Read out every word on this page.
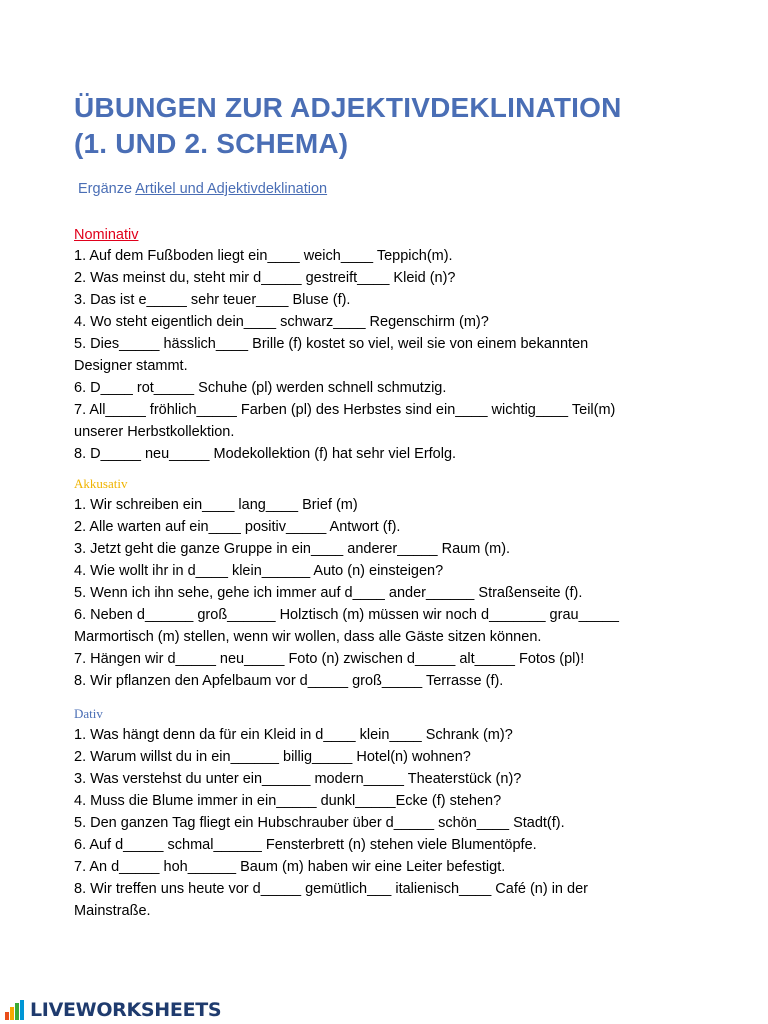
ÜBUNGEN ZUR ADJEKTIVDEKLINATION
(1. UND 2. SCHEMA)
Ergänze Artikel und Adjektivdeklination
Nominativ
1. Auf dem Fußboden liegt ein____ weich____ Teppich(m).
2. Was meinst du, steht mir d_____ gestreift____ Kleid (n)?
3. Das ist e_____ sehr teuer____ Bluse (f).
4. Wo steht eigentlich dein____ schwarz____ Regenschirm (m)?
5. Dies_____ hässlich____ Brille (f) kostet so viel, weil sie von einem bekannten
Designer stammt.
6. D____ rot_____ Schuhe (pl) werden schnell schmutzig.
7. All_____ fröhlich_____ Farben (pl) des Herbstes sind ein____ wichtig____ Teil(m)
unserer Herbstkollektion.
8. D_____ neu_____ Modekollektion (f) hat sehr viel Erfolg.
Akkusativ
1. Wir schreiben ein____ lang____ Brief (m)
2. Alle warten auf ein____ positiv_____ Antwort (f).
3. Jetzt geht die ganze Gruppe in ein____ anderer_____ Raum (m).
4. Wie wollt ihr in d____ klein______ Auto (n) einsteigen?
5. Wenn ich ihn sehe, gehe ich immer auf d____ ander______ Straßenseite (f).
6. Neben d______ groß______ Holztisch (m) müssen wir noch d_______ grau_____
Marmortisch (m) stellen, wenn wir wollen, dass alle Gäste sitzen können.
7. Hängen wir d_____ neu_____ Foto (n) zwischen d_____ alt_____ Fotos (pl)!
8. Wir pflanzen den Apfelbaum vor d_____ groß_____ Terrasse (f).
Dativ
1. Was hängt denn da für ein Kleid in d____ klein____ Schrank (m)?
2. Warum willst du in ein______ billig_____ Hotel(n) wohnen?
3. Was verstehst du unter ein______ modern_____ Theaterstück (n)?
4. Muss die Blume immer in ein_____ dunkl_____Ecke (f) stehen?
5. Den ganzen Tag fliegt ein Hubschrauber über d_____ schön____ Stadt(f).
6. Auf d_____ schmal______ Fensterbrett (n) stehen viele Blumentöpfe.
7. An d_____ hoh______ Baum (m) haben wir eine Leiter befestigt.
8. Wir treffen uns heute vor d_____ gemütlich___ italienisch____ Café (n) in der
Mainstraße.
LIVEWORKSHEETS
